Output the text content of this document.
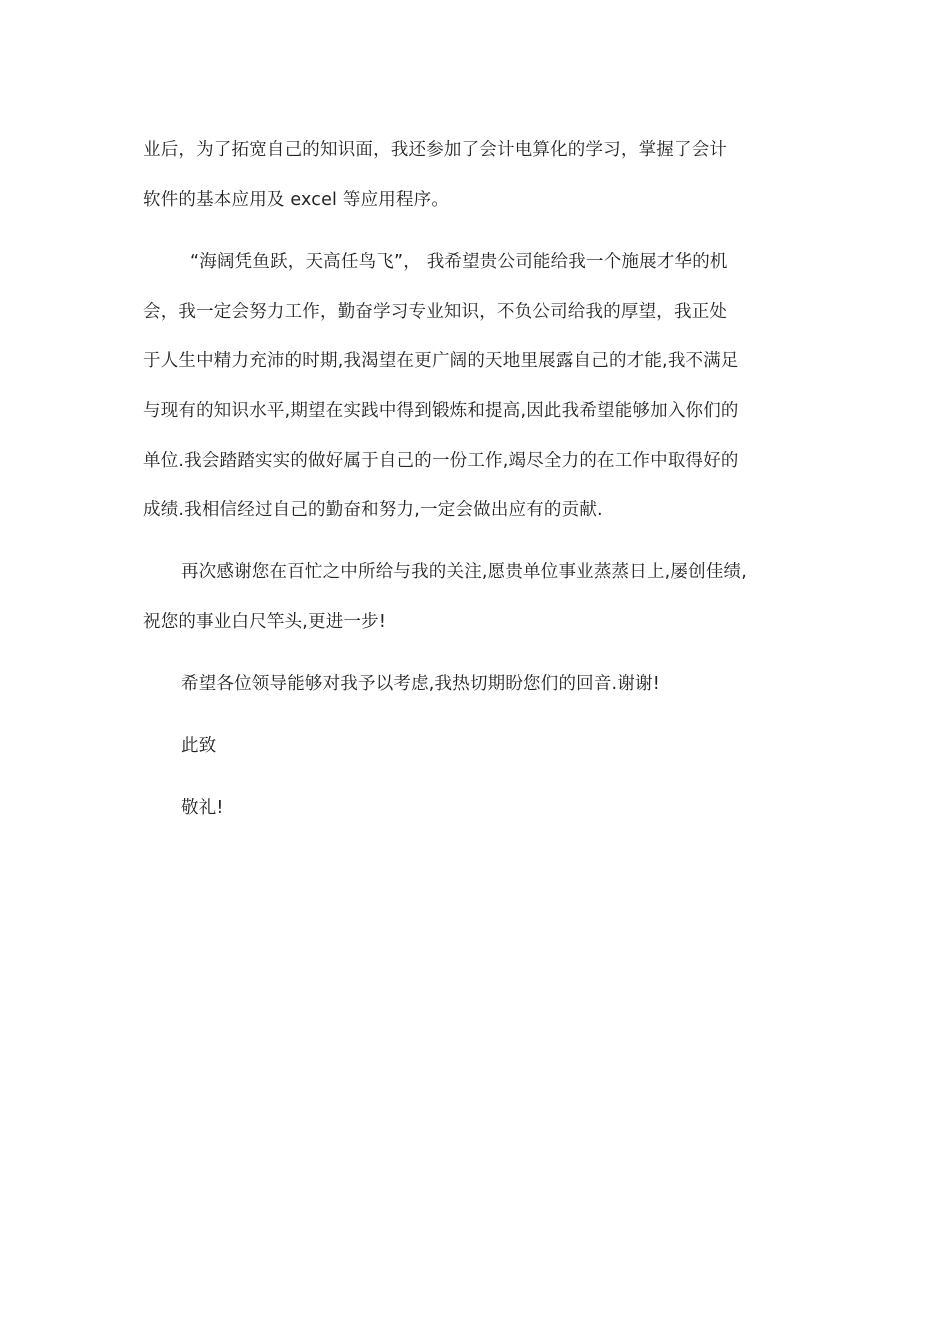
业后，为了拓宽自己的知识面，我还参加了会计电算化的学习，掌握了会计
软件的基本应用及 excel 等应用程序。
“海阔凭鱼跃，天高任鸟飞”， 我希望贵公司能给我一个施展才华的机
会，我一定会努力工作，勤奋学习专业知识，不负公司给我的厚望，我正处
于人生中精力充沛的时期,我渴望在更广阔的天地里展露自己的才能,我不满足
与现有的知识水平,期望在实践中得到锻炼和提高,因此我希望能够加入你们的
单位.我会踏踏实实的做好属于自己的一份工作,竭尽全力的在工作中取得好的
成绩.我相信经过自己的勤奋和努力,一定会做出应有的贡献.
再次感谢您在百忙之中所给与我的关注,愿贵单位事业蒸蒸日上,屡创佳绩,
祝您的事业白尺竿头,更进一步!
希望各位领导能够对我予以考虑,我热切期盼您们的回音.谢谢!
此致
敬礼!
